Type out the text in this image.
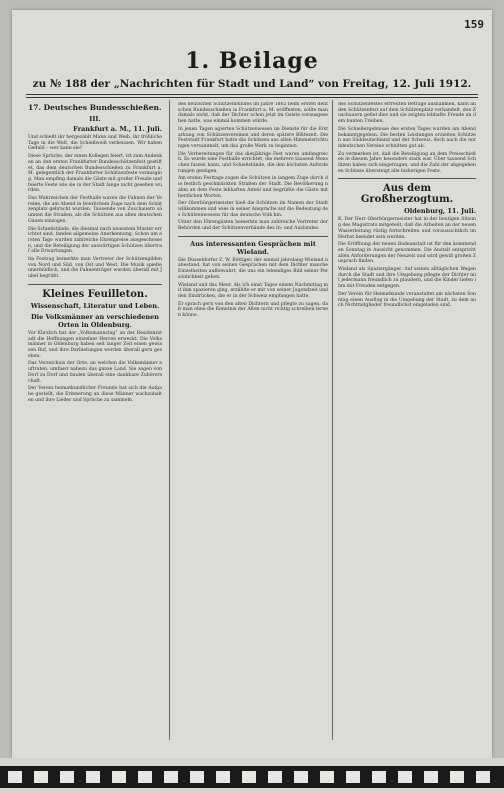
159
1. Beilage
zu № 188 der „Nachrichten für Stadt und Land“ von Freitag, 12. Juli 1912.
17. Deutsches Bundesschießen.
III.
Frankfurt a. M., 11. Juli.

Und schießt ihr hergezählt Mann und Weib, ihr fröhliche Tage in die Welt, die Schießweiß verbeissen. Wir haben Geduld – wer kann sie?

Diese Sprüche, der einen Kollegen feiert, ist zum Andenken an den ersten Frankfurter Bundesschützenfest gestiftet, das dem deutschen Bundesschießen zu Frankfurt a. M. gelegentlich der Frankfurter Schützenfeste vorausging. Man empfing damals die Gäste mit großer Freude und feierte Feste wie sie in der Stadt lange nicht gesehen wurden.

Das Wahrzeichen der Festhalle waren die Fahnen der Vereine, die am Abend in feierlichem Zuge nach dem Schützenplatz gebracht wurden. Tausende von Zuschauern säumten die Straßen, als die Schützen aus allen deutschen Gauen einzogen.

Die Schießstände, die diesmal nach neuestem Muster errichtet sind, fanden allgemeine Anerkennung. Schon am ersten Tage wurden zahlreiche Ehrenpreise ausgeschossen, und die Beteiligung der auswärtigen Schützen übertraf alle Erwartungen.

Im Festzug bemerkte man Vertreter der Schützengilden von Nord und Süd, von Ost und West. Die Musik spielte unermüdlich, und die Fahnenträger wurden überall mit Jubel begrüßt.

Kleines Feuilleton.
Wissenschaft, Literatur und Leben.
Die Volksmänner an verschiedenen Orten in Oldenburg.

Vor Kürzlich hat der „Volksmannstag“ an der Residenzstadt die Hoffnungen einzelner Herren erweckt. Die Volksmänner in Oldenburg haben seit langer Zeit einen gewissen Ruf, und ihre Darbietungen werden überall gern gesehen.

Das Verzeichnis der Orte, an welchen die Volksmänner auftraten, umfasst nahezu das ganze Land. Sie zogen von Dorf zu Dorf und fanden überall eine dankbare Zuhörerschaft.

Der Verein heimatkundlicher Freunde hat sich die Aufgabe gestellt, die Erinnerung an diese Männer wachzuhalten und ihre Lieder und Sprüche zu sammeln.

des deutschen Schützenbundes im Jahre 1862 beim ersten deutschen Bundesschießen in Frankfurt a. M. eröffneten, sollte man damals nicht, daß der Dichter schon jetzt im Geiste vorausgesehen hatte, was einmal kommen würde.

In jenen Tagen agierten Schützenwesen im Dienste für die Erstarkung von Schützenvereinen und deren spätere Blütezeit. Die Feststadt Frankfurt hatte die Schützen aus allen Himmelsrichtungen versammelt, um das große Werk zu beginnen.

Die Vorbereitungen für das diesjährige Fest waren umfangreich. Es wurde eine Festhalle errichtet, die mehrere tausend Menschen fassen kann, und Schießstände, die den höchsten Anforderungen genügen.

Am ersten Festtage zogen die Schützen in langem Zuge durch die festlich geschmückten Straßen der Stadt. Die Bevölkerung nahm an dem Feste lebhaften Anteil und begrüßte die Gäste mit herzlichen Worten.

Der Oberbürgermeister hieß die Schützen im Namen der Stadt willkommen und wies in seiner Ansprache auf die Bedeutung des Schützenwesens für das deutsche Volk hin.

Unter den Ehrengästen bemerkte man zahlreiche Vertreter der Behörden und der Schützenverbände des In- und Auslandes.

Aus interessanten Gesprächen mit Wieland.

Die Düsseldorfer Z. W. Böttiger, der einmal jahrelang Wieland nahestand, hat von seinen Gesprächen mit dem Dichter manche Einzelheiten aufbewahrt, die uns ein lebendiges Bild seiner Persönlichkeit geben.

Wieland und das Meer. Als ich einst Tages einem Nachmittag mit ihm spazieren ging, erzählte er mir von seiner Jugendzeit und den Eindrücken, die er in der Schweiz empfangen hatte.

Er sprach gern von den alten Dichtern und pflegte zu sagen, daß man ohne die Kenntnis der Alten nicht richtig schreiben lernen könne.

des Schützenfestes erfreuten Beträge ausnahmen, kann an den Schützenfest auf dem Schützenplatz verhandelt, den Zuschauern gefiel dies und sie zeigten lebhafte Freude an dem bunten Treiben.

Die Schießergebnisse des ersten Tages wurden am Abend bekanntgegeben. Die besten Leistungen erzielten Schützen aus Süddeutschland und der Schweiz, doch auch die norddeutschen Vereine schnitten gut ab.

Zu vermerken ist, daß die Beteiligung an dem Preisschießen in diesem Jahre besonders stark war. Über tausend Schützen haben sich eingetragen, und die Zahl der abgegebenen Schüsse übersteigt alle bisherigen Feste.

Aus dem Großherzogtum.
Oldenburg, 11. Juli.

K. Der Herr Oberbürgermeister hat in der heutigen Sitzung des Magistrats mitgeteilt, daß die Arbeiten an der neuen Wasserleitung rüstig fortschreiten und voraussichtlich im Herbst beendet sein werden.

Die Eröffnung der neuen Badeanstalt ist für den kommenden Sonntag in Aussicht genommen. Die Anstalt entspricht allen Anforderungen der Neuzeit und wird gewiß großen Zuspruch finden.

Wieland als Spaziergänger. Auf seinen alltäglichen Wegen durch die Stadt und ihre Umgebung pflegte der Dichter mit jedermann freundlich zu plaudern, und die Kinder liefen ihm mit Freuden entgegen.

Der Verein für Heimatkunde veranstaltet am nächsten Sonntag einen Ausflug in die Umgebung der Stadt, zu dem auch Nichtmitglieder freundlichst eingeladen sind.
